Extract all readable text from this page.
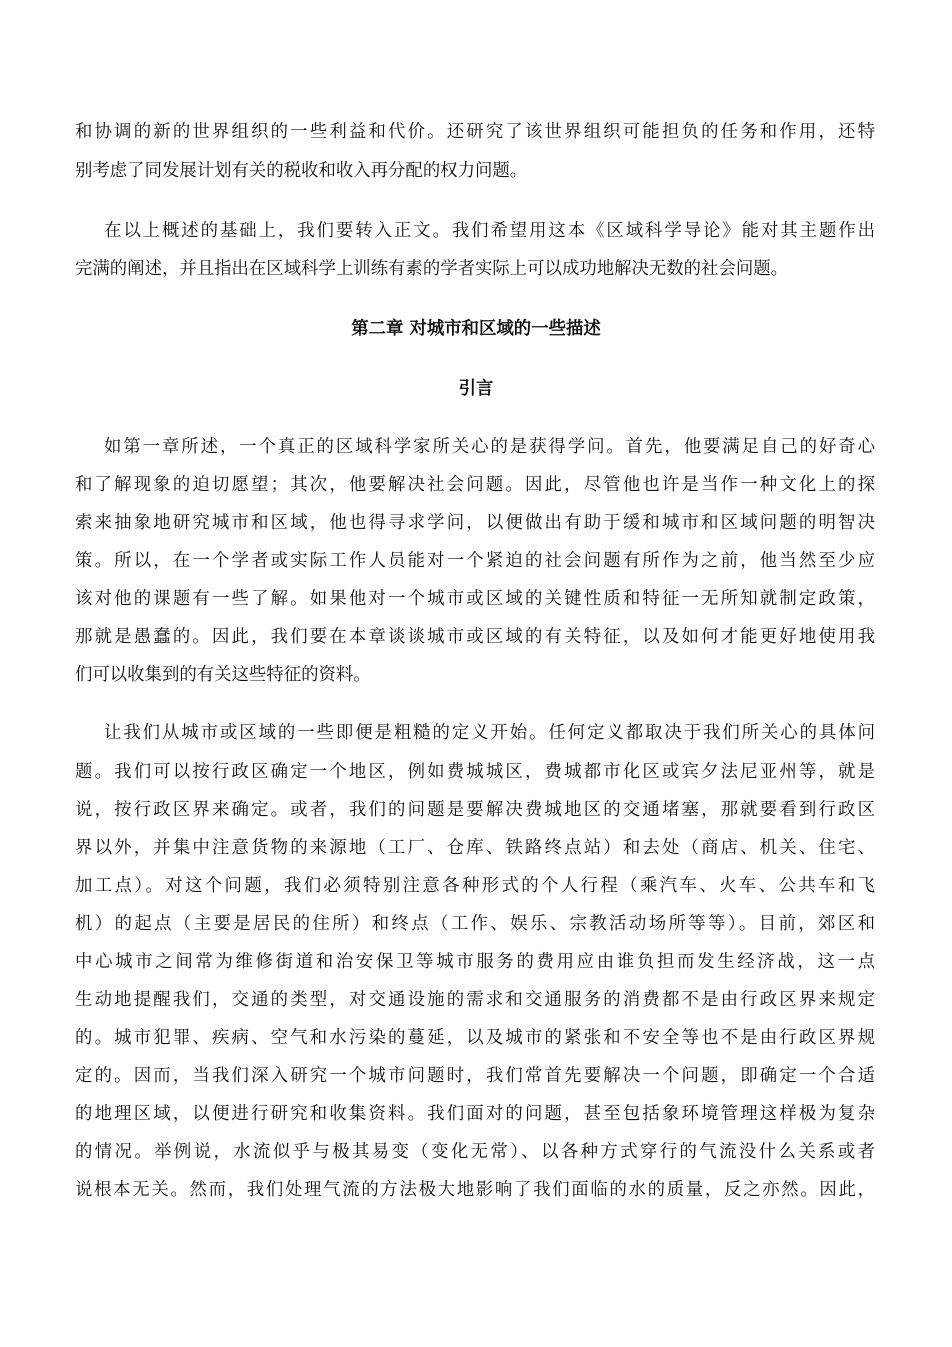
和协调的新的世界组织的一些利益和代价。还研究了该世界组织可能担负的任务和作用，还特
别考虑了同发展计划有关的税收和收入再分配的权力问题。
在以上概述的基础上，我们要转入正文。我们希望用这本《区域科学导论》能对其主题作出
完满的阐述，并且指出在区域科学上训练有素的学者实际上可以成功地解决无数的社会问题。
第二章 对城市和区域的一些描述
引言
如第一章所述，一个真正的区域科学家所关心的是获得学问。首先，他要满足自己的好奇心
和了解现象的迫切愿望；其次，他要解决社会问题。因此，尽管他也许是当作一种文化上的探
索来抽象地研究城市和区域，他也得寻求学问，以便做出有助于缓和城市和区域问题的明智决
策。所以，在一个学者或实际工作人员能对一个紧迫的社会问题有所作为之前，他当然至少应
该对他的课题有一些了解。如果他对一个城市或区域的关键性质和特征一无所知就制定政策，
那就是愚蠢的。因此，我们要在本章谈谈城市或区域的有关特征，以及如何才能更好地使用我
们可以收集到的有关这些特征的资料。
让我们从城市或区域的一些即便是粗糙的定义开始。任何定义都取决于我们所关心的具体问
题。我们可以按行政区确定一个地区，例如费城城区，费城都市化区或宾夕法尼亚州等，就是
说，按行政区界来确定。或者，我们的问题是要解决费城地区的交通堵塞，那就要看到行政区
界以外，并集中注意货物的来源地（工厂、仓库、铁路终点站）和去处（商店、机关、住宅、
加工点）。对这个问题，我们必须特别注意各种形式的个人行程（乘汽车、火车、公共车和飞
机）的起点（主要是居民的住所）和终点（工作、娱乐、宗教活动场所等等）。目前，郊区和
中心城市之间常为维修街道和治安保卫等城市服务的费用应由谁负担而发生经济战，这一点
生动地提醒我们，交通的类型，对交通设施的需求和交通服务的消费都不是由行政区界来规定
的。城市犯罪、疾病、空气和水污染的蔓延，以及城市的紧张和不安全等也不是由行政区界规
定的。因而，当我们深入研究一个城市问题时，我们常首先要解决一个问题，即确定一个合适
的地理区域，以便进行研究和收集资料。我们面对的问题，甚至包括象环境管理这样极为复杂
的情况。举例说，水流似乎与极其易变（变化无常）、以各种方式穿行的气流没什么关系或者
说根本无关。然而，我们处理气流的方法极大地影响了我们面临的水的质量，反之亦然。因此，
